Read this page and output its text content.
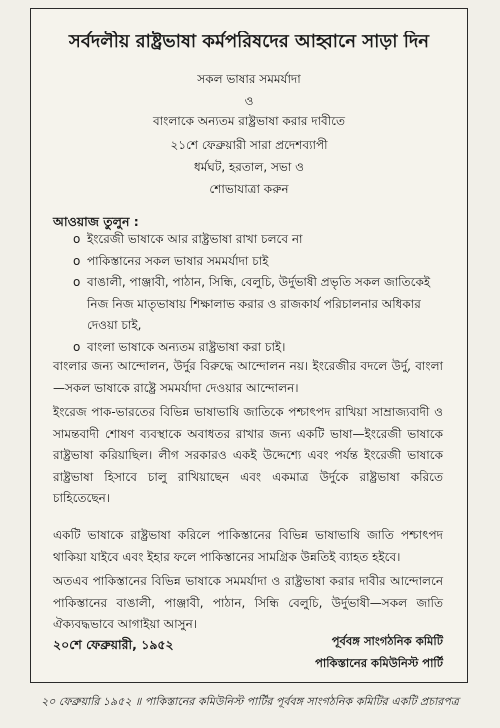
সর্বদলীয় রাষ্ট্রভাষা কর্মপরিষদের আহ্বানে সাড়া দিন
সকল ভাষার সমমর্যাদা
ও
বাংলাকে অন্যতম রাষ্ট্রভাষা করার দাবীতে
২১শে ফেব্রুয়ারী সারা প্রদেশব্যাপী
ধর্মঘট, হরতাল, সভা ও
শোভাযাত্রা করুন
আওয়াজ তুলুন :
o ইংরেজী ভাষাকে আর রাষ্ট্রভাষা রাখা চলবে না
o পাকিস্তানের সকল ভাষার সমমর্যাদা চাই
o বাঙালী, পাঞ্জাবী, পাঠান, সিন্ধি, বেলুচি, উর্দুভাষী প্রভৃতি সকল জাতিকেই নিজ নিজ মাতৃভাষায় শিক্ষালাভ করার ও রাজকার্য পরিচালনার অধিকার দেওয়া চাই,
o বাংলা ভাষাকে অন্যতম রাষ্ট্রভাষা করা চাই।
বাংলার জন্য আন্দোলন, উর্দুর বিরুদ্ধে আন্দোলন নয়। ইংরেজীর বদলে উর্দু, বাংলা—সকল ভাষাকে রাষ্ট্রে সমমর্যাদা দেওয়ার আন্দোলন।
ইংরেজ পাক-ভারতের বিভিন্ন ভাষাভাষি জাতিকে পশ্চাৎপদ রাখিয়া সাম্রাজ্যবাদী ও সামন্তবাদী শোষণ ব্যবস্থাকে অবাধতর রাখার জন্য একটি ভাষা—ইংরেজী ভাষাকে রাষ্ট্রভাষা করিয়াছিল। লীগ সরকারও একই উদ্দেশ্যে এবং পর্যন্ত ইংরেজী ভাষাকে রাষ্ট্রভাষা হিসাবে চালু রাখিয়াছেন এবং একমাত্র উর্দুকে রাষ্ট্রভাষা করিতে চাহিতেছেন।
একটি ভাষাকে রাষ্ট্রভাষা করিলে পাকিস্তানের বিভিন্ন ভাষাভাষি জাতি পশ্চাৎপদ থাকিয়া যাইবে এবং ইহার ফলে পাকিস্তানের সামগ্রিক উন্নতিই ব্যাহত হইবে।
অতএব পাকিস্তানের বিভিন্ন ভাষাকে সমমর্যাদা ও রাষ্ট্রভাষা করার দাবীর আন্দোলনে পাকিস্তানের বাঙালী, পাঞ্জাবী, পাঠান, সিন্ধি বেলুচি, উর্দুভাষী—সকল জাতি ঐক্যবদ্ধভাবে আগাইয়া আসুন।
২০শে ফেব্রুয়ারী, ১৯৫২	পূর্ববঙ্গ সাংগঠনিক কমিটি
পাকিস্তানের কমিউনিস্ট পার্টি
২০ ফেব্রুয়ারি ১৯৫২ ॥ পাকিস্তানের কমিউনিস্ট পার্টির পূর্ববঙ্গ সাংগঠনিক কমিটির একটি প্রচারপত্র
